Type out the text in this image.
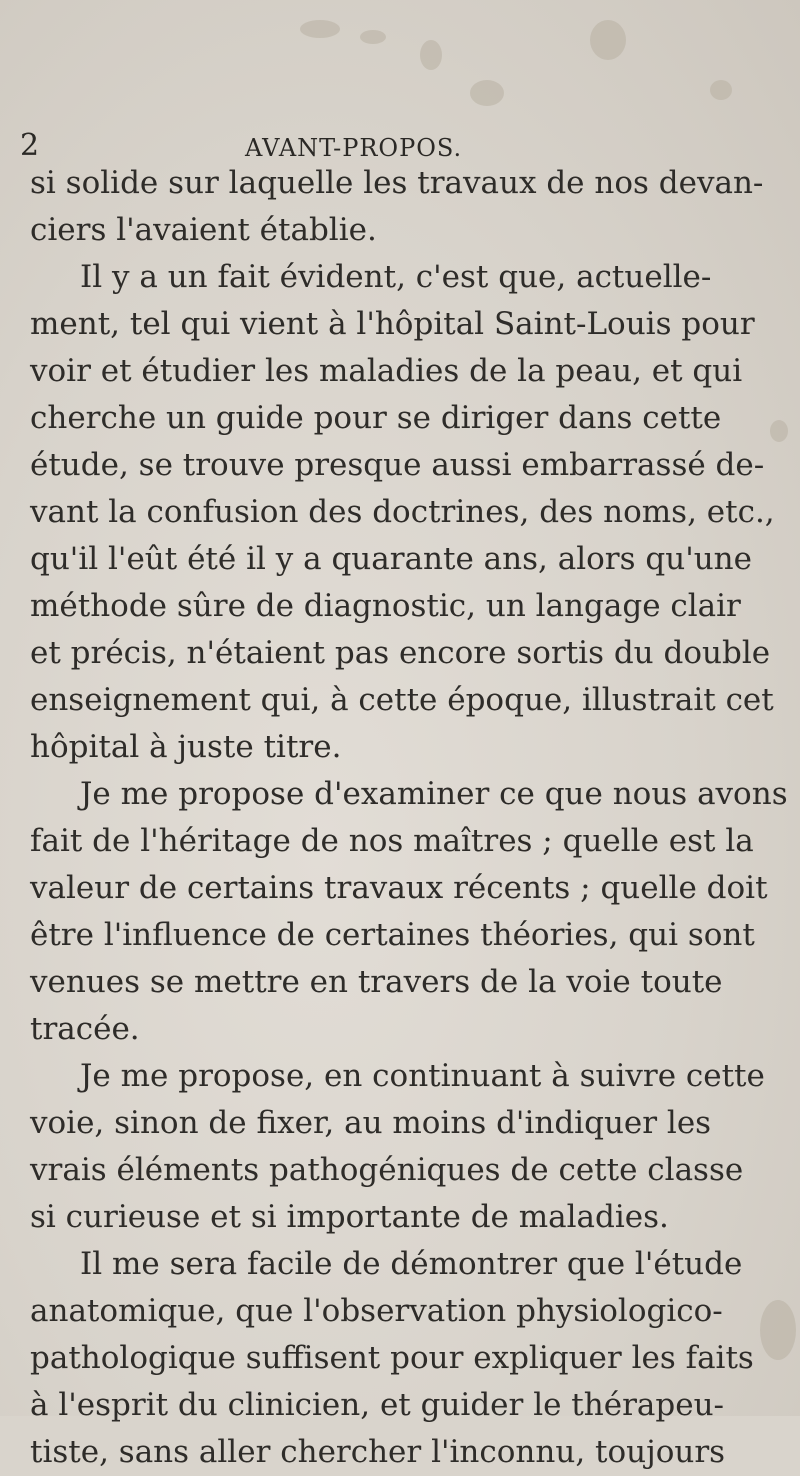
2	AVANT-PROPOS.
si solide sur laquelle les travaux de nos devan-
ciers l'avaient établie.
Il y a un fait évident, c'est que, actuelle-
ment, tel qui vient à l'hôpital Saint-Louis pour
voir et étudier les maladies de la peau, et qui
cherche un guide pour se diriger dans cette
étude, se trouve presque aussi embarrassé de-
vant la confusion des doctrines, des noms, etc.,
qu'il l'eût été il y a quarante ans, alors qu'une
méthode sûre de diagnostic, un langage clair
et précis, n'étaient pas encore sortis du double
enseignement qui, à cette époque, illustrait cet
hôpital à juste titre.
Je me propose d'examiner ce que nous avons
fait de l'héritage de nos maîtres ; quelle est la
valeur de certains travaux récents ; quelle doit
être l'influence de certaines théories, qui sont
venues se mettre en travers de la voie toute
tracée.
Je me propose, en continuant à suivre cette
voie, sinon de fixer, au moins d'indiquer les
vrais éléments pathogéniques de cette classe
si curieuse et si importante de maladies.
Il me sera facile de démontrer que l'étude
anatomique, que l'observation physiologico-
pathologique suffisent pour expliquer les faits
à l'esprit du clinicien, et guider le thérapeu-
tiste, sans aller chercher l'inconnu, toujours
